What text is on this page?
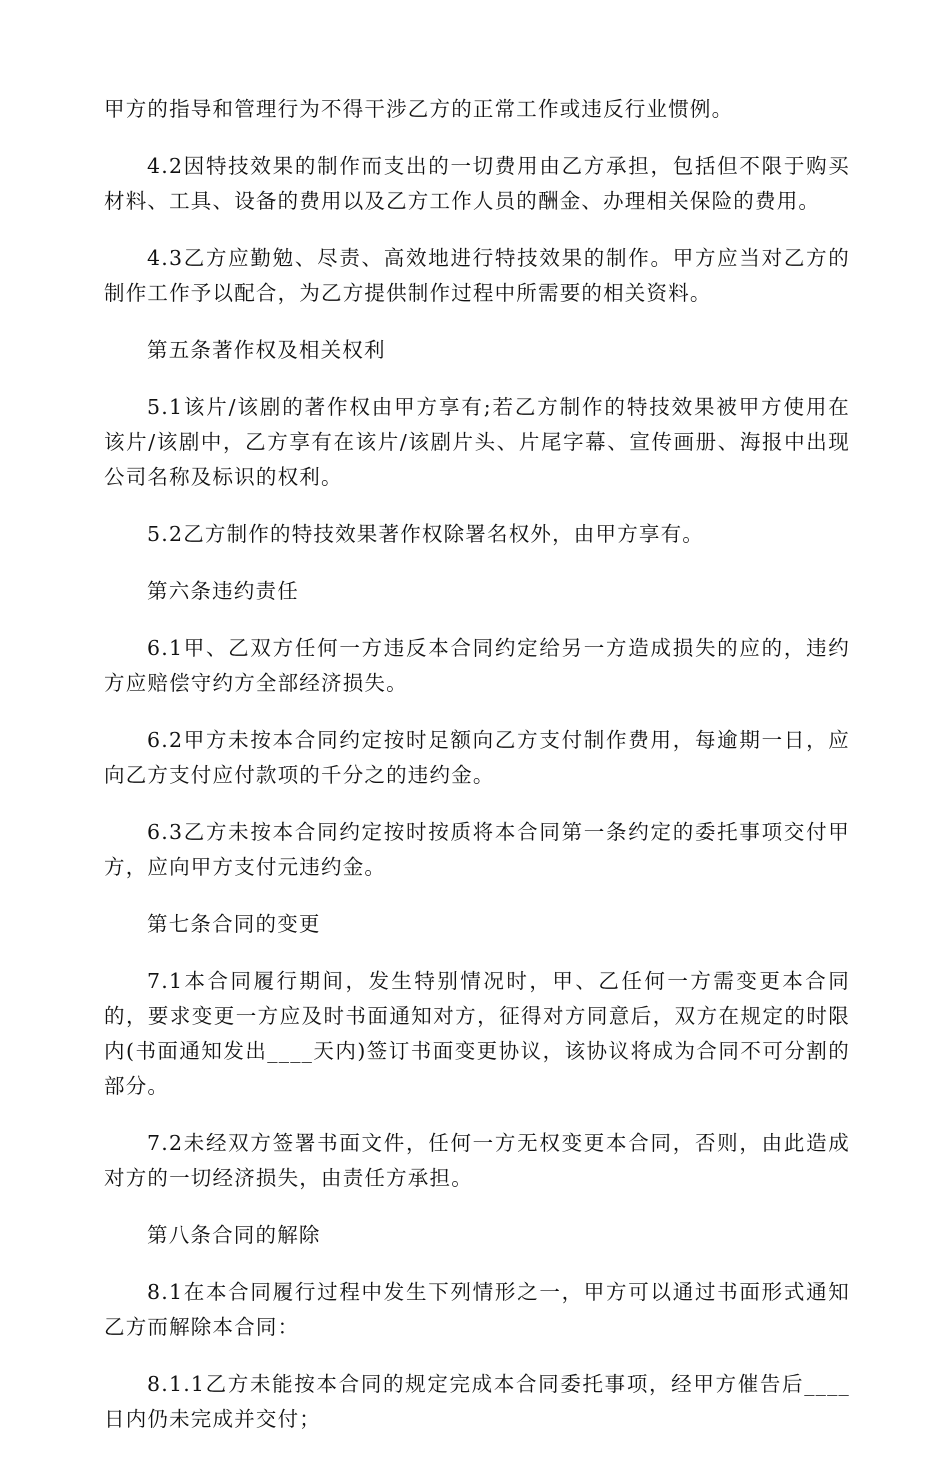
甲方的指导和管理行为不得干涉乙方的正常工作或违反行业惯例。

4.2因特技效果的制作而支出的一切费用由乙方承担，包括但不限于购买材料、工具、设备的费用以及乙方工作人员的酬金、办理相关保险的费用。

4.3乙方应勤勉、尽责、高效地进行特技效果的制作。甲方应当对乙方的制作工作予以配合，为乙方提供制作过程中所需要的相关资料。

第五条著作权及相关权利

5.1该片/该剧的著作权由甲方享有;若乙方制作的特技效果被甲方使用在该片/该剧中，乙方享有在该片/该剧片头、片尾字幕、宣传画册、海报中出现公司名称及标识的权利。

5.2乙方制作的特技效果著作权除署名权外，由甲方享有。

第六条违约责任

6.1甲、乙双方任何一方违反本合同约定给另一方造成损失的应的，违约方应赔偿守约方全部经济损失。

6.2甲方未按本合同约定按时足额向乙方支付制作费用，每逾期一日，应向乙方支付应付款项的千分之的违约金。

6.3乙方未按本合同约定按时按质将本合同第一条约定的委托事项交付甲方，应向甲方支付元违约金。

第七条合同的变更

7.1本合同履行期间，发生特别情况时，甲、乙任何一方需变更本合同的，要求变更一方应及时书面通知对方，征得对方同意后，双方在规定的时限内(书面通知发出____天内)签订书面变更协议，该协议将成为合同不可分割的部分。

7.2未经双方签署书面文件，任何一方无权变更本合同，否则，由此造成对方的一切经济损失，由责任方承担。

第八条合同的解除

8.1在本合同履行过程中发生下列情形之一，甲方可以通过书面形式通知乙方而解除本合同：

8.1.1乙方未能按本合同的规定完成本合同委托事项，经甲方催告后____日内仍未完成并交付；
